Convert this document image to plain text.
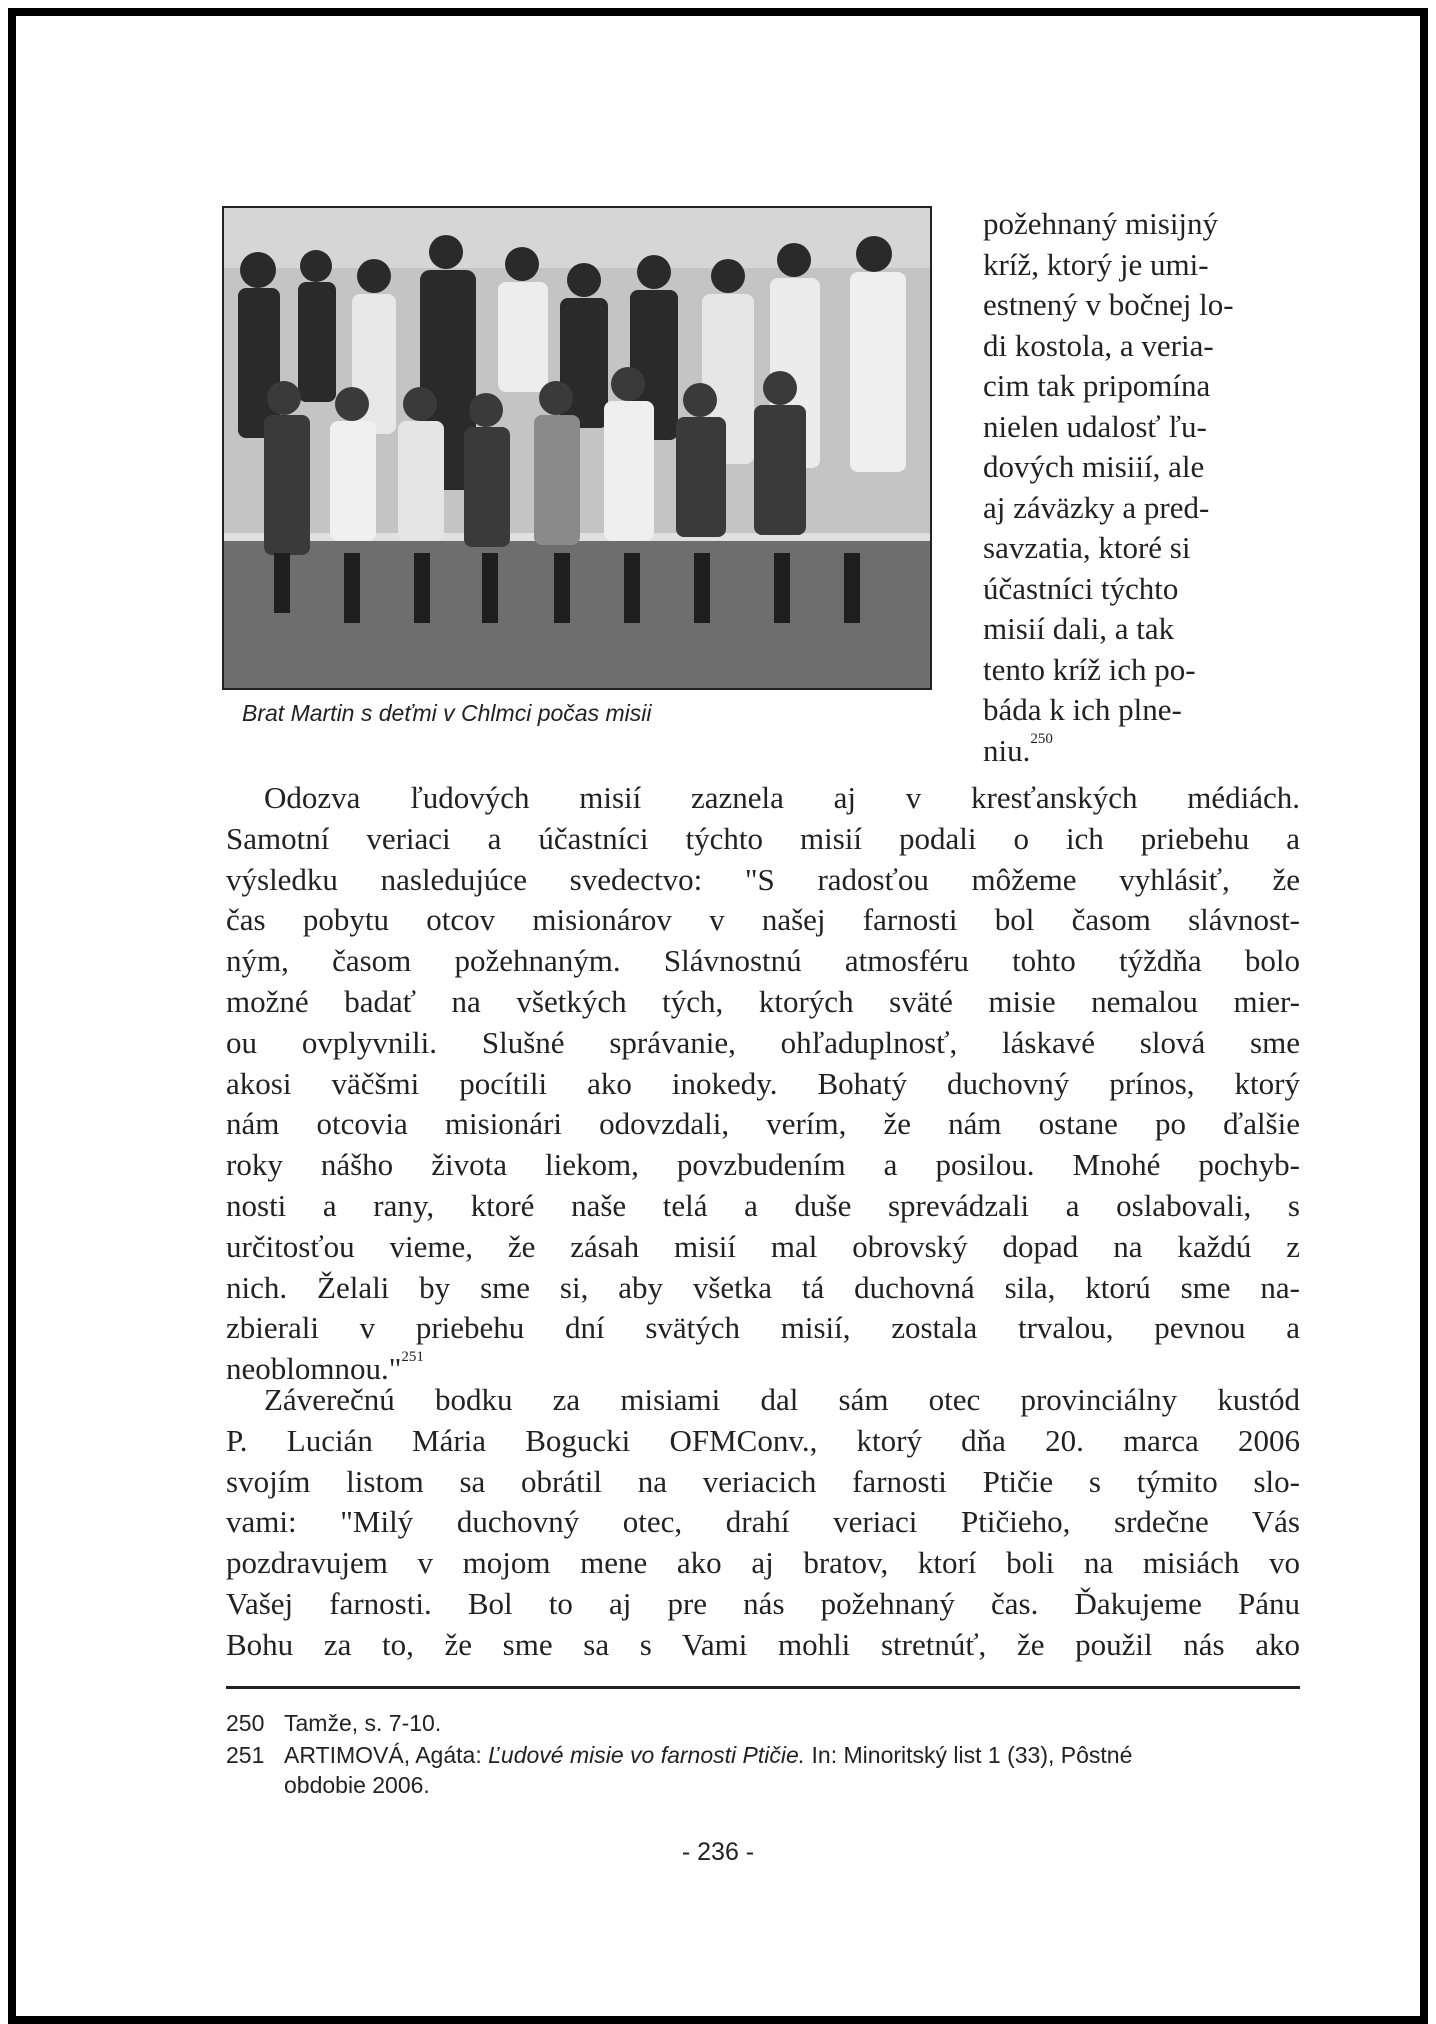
Brat Martin s deťmi v Chlmci počas misii
požehnaný misijný
kríž, ktorý je umi-
estnený v bočnej lo-
di kostola, a veria-
cim tak pripomína
nielen udalosť ľu-
dových misiií, ale
aj záväzky a pred-
savzatia, ktoré si
účastníci týchto
misií dali, a tak
tento kríž ich po-
báda k ich plne-
niu.$^{250}$
Odozva ľudových misií zaznela aj v kresťanských médiách.
Samotní veriaci a účastníci týchto misií podali o ich priebehu a
výsledku nasledujúce svedectvo: "S radosťou môžeme vyhlásiť, že
čas pobytu otcov misionárov v našej farnosti bol časom slávnost-
ným, časom požehnaným. Slávnostnú atmosféru tohto týždňa bolo
možné badať na všetkých tých, ktorých sväté misie nemalou mier-
ou ovplyvnili. Slušné správanie, ohľaduplnosť, láskavé slová sme
akosi väčšmi pocítili ako inokedy. Bohatý duchovný prínos, ktorý
nám otcovia misionári odovzdali, verím, že nám ostane po ďalšie
roky nášho života liekom, povzbudením a posilou. Mnohé pochyb-
nosti a rany, ktoré naše telá a duše sprevádzali a oslabovali, s
určitosťou vieme, že zásah misií mal obrovský dopad na každú z
nich. Želali by sme si, aby všetka tá duchovná sila, ktorú sme na-
zbierali v priebehu dní svätých misií, zostala trvalou, pevnou a
neoblomnou."$^{251}$
Záverečnú bodku za misiami dal sám otec provinciálny kustód
P. Lucián Mária Bogucki OFMConv., ktorý dňa 20. marca 2006
svojím listom sa obrátil na veriacich farnosti Ptičie s týmito slo-
vami: "Milý duchovný otec, drahí veriaci Ptičieho, srdečne Vás
pozdravujem v mojom mene ako aj bratov, ktorí boli na misiách vo
Vašej farnosti. Bol to aj pre nás požehnaný čas. Ďakujeme Pánu
Bohu za to, že sme sa s Vami mohli stretnúť, že použil nás ako
250 Tamže, s. 7-10.
251 ARTIMOVÁ, Agáta: Ľudové misie vo farnosti Ptičie. In: Minoritský list 1 (33), Pôstné
obdobie 2006.
- 236 -
